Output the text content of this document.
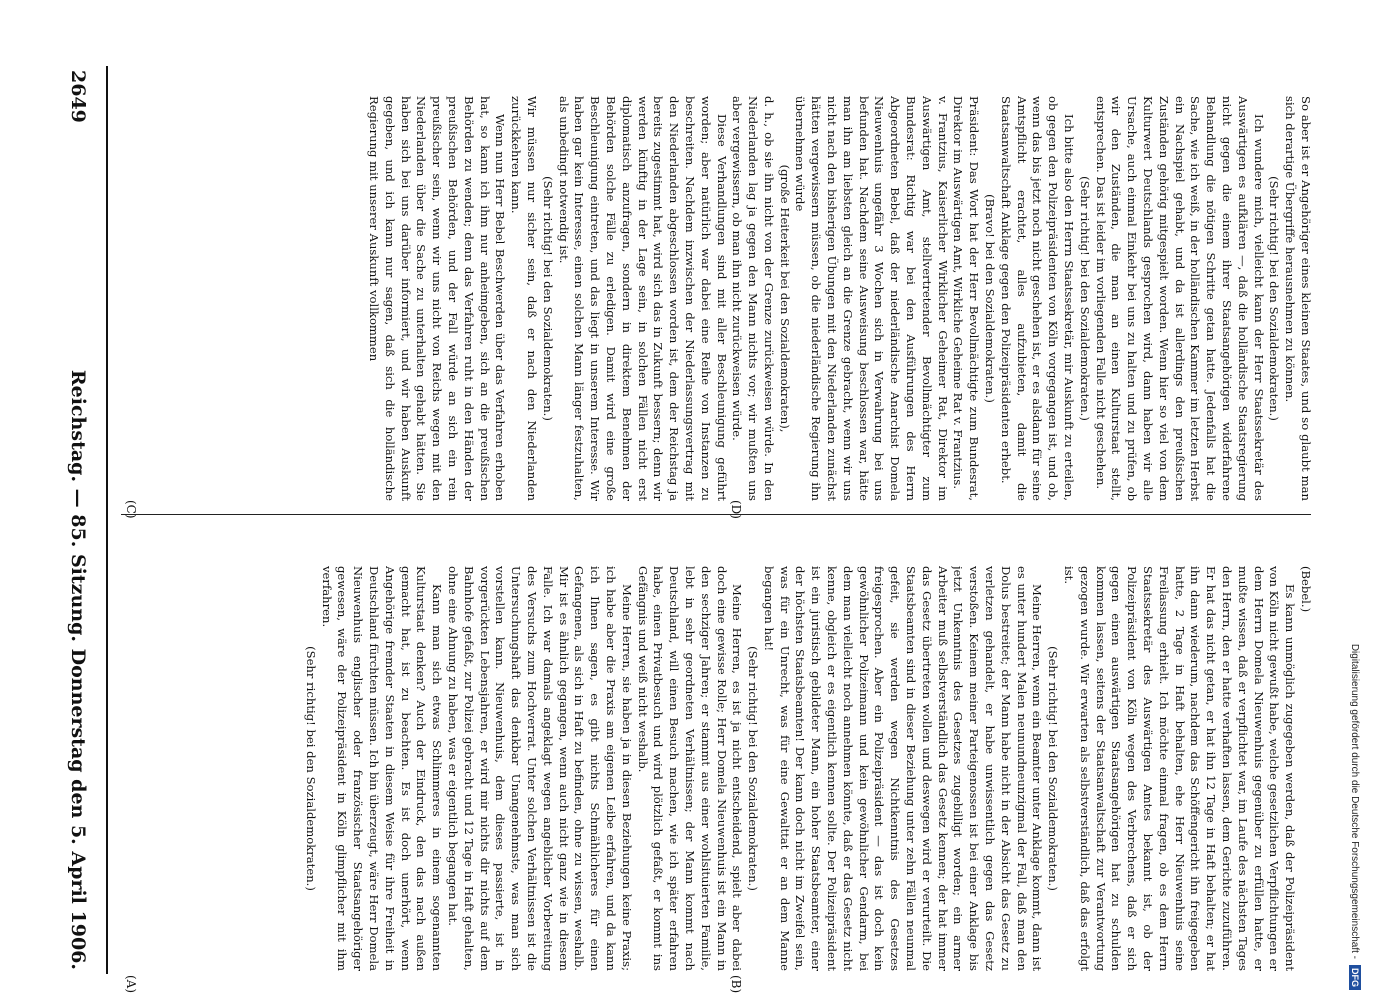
Digitalisierung gefördert durch die Deutsche Forschungsgemeinschaft -
DFG
2649
Reichstag. — 85. Sitzung. Donnerstag den 5. April 1906.

So aber ist er Angehöriger eines kleinen Staates, und so glaubt man sich derartige Übergriffe herausnehmen zu können.

(Sehr richtig! bei den Sozialdemokraten.)

Ich wundere mich, vielleicht kann der Herr Staatssekretär des Auswärtigen es aufklären —, daß die holländische Staatsregierung nicht gegen die einem ihrer Staatsangehörigen widerfahrene Behandlung die nötigen Schritte getan hatte. Jedenfalls hat die Sache, wie ich weiß, in der holländischen Kammer im letzten Herbst ein Nachspiel gehabt, und da ist allerdings den preußischen Zuständen gehörig mitgespielt worden. Wenn hier so viel von dem Kulturwert Deutschlands gesprochen wird, dann haben wir alle Ursache, auch einmal Einkehr bei uns zu halten und zu prüfen, ob wir den Zuständen, die man an einen Kulturstaat stellt, entsprechen. Das ist leider im vorliegenden Falle nicht geschehen.

(Sehr richtig! bei den Sozialdemokraten.)

Ich bitte also den Herrn Staatssekretär, mir Auskunft zu erteilen, ob gegen den Polizeipräsidenten von Köln vorgegangen ist, und ob, wenn das bis jetzt noch nicht geschehen ist, er es alsdann für seine Amtspflicht erachtet, alles aufzubieten, damit die Staatsanwaltschaft Anklage gegen den Polizeipräsidenten erhebt.

(Bravo! bei den Sozialdemokraten.)

Präsident: Das Wort hat der Herr Bevollmächtigte zum Bundesrat, Direktor im Auswärtigen Amt, Wirkliche Geheime Rat v. Frantzius.

v. Frantzius, Kaiserlicher Wirklicher Geheimer Rat, Direktor im Auswärtigen Amt, stellvertretender Bevollmächtigter zum Bundesrat: Richtig war bei den Ausführungen des Herrn Abgeordneten Bebel, daß der niederländische Anarchist Domela Nieuwenhuis ungefähr 3 Wochen sich in Verwahrung bei uns befunden hat. Nachdem seine Ausweisung beschlossen war, hätte man ihn am liebsten gleich an die Grenze gebracht, wenn wir uns nicht nach den bisherigen Übungen mit den Niederlanden zunächst hätten vergewissern müssen, ob die niederländische Regierung ihn übernehmen würde

(große Heiterkeit bei den Sozialdemokraten),

d. h., ob sie ihn nicht von der Grenze zurückweisen würde. In den Niederlanden lag ja gegen den Mann nichts vor; wir mußten uns aber vergewissern, ob man ihn nicht zurückweisen würde.

Diese Verhandlungen sind mit aller Beschleunigung geführt worden; aber natürlich war dabei eine Reihe von Instanzen zu beschreiten. Nachdem inzwischen der Niederlassungsvertrag mit den Niederlanden abgeschlossen worden ist, dem der Reichstag ja bereits zugestimmt hat, wird sich das in Zukunft bessern; denn wir werden künftig in der Lage sein, in solchen Fällen nicht erst diplomatisch anzufragen, sondern in direktem Benehmen der Behörden solche Fälle zu erledigen. Damit wird eine große Beschleunigung eintreten, und das liegt in unserem Interesse. Wir haben gar kein Interesse, einen solchen Mann länger festzuhalten, als unbedingt notwendig ist.

(Sehr richtig! bei den Sozialdemokraten.)

Wir müssen nur sicher sein, daß er nach den Niederlanden zurückkehren kann.

Wenn nun Herr Bebel Beschwerden über das Verfahren erhoben hat, so kann ich ihm nur anheimgeben, sich an die preußischen Behörden zu wenden; denn das Verfahren ruht in den Händen der preußischen Behörden, und der Fall würde an sich ein rein preußischer sein, wenn wir uns nicht von Reichs wegen mit den Niederlanden über die Sache zu unterhalten gehabt hätten. Sie haben sich bei uns darüber informiert, und wir haben Auskunft gegeben, und ich kann nur sagen, daß sich die holländische Regierung mit unserer Auskunft vollkommen

(Bebel.)

Es kann unmöglich zugegeben werden, daß der Polizeipräsident von Köln nicht gewußt habe, welche gesetzlichen Verpflichtungen er dem Herrn Domela Nieuwenhuis gegenüber zu erfüllen hatte, er mußte wissen, daß er verpflichtet war, im Laufe des nächsten Tages den Herrn, den er hatte verhaften lassen, dem Gerichte zuzuführen. Er hat das nicht getan, er hat ihn 12 Tage in Haft behalten; er hat ihn dann wiederum, nachdem das Schöffengericht ihn freigegeben hatte, 2 Tage in Haft behalten, ehe Herr Nieuwenhuis seine Freilassung erhielt. Ich möchte einmal fragen, ob es dem Herrn Staatssekretär des Auswärtigen Amtes bekannt ist, ob der Polizeipräsident von Köln wegen des Verbrechens, daß er sich gegen einen auswärtigen Staatsangehörigen hat zu schulden kommen lassen, seitens der Staatsanwaltschaft zur Verantwortung gezogen wurde. Wir erwarten als selbstverständlich, daß das erfolgt ist.

(Sehr richtig! bei den Sozialdemokraten.)

Meine Herren, wenn ein Beamter unter Anklage kommt, dann ist es unter hundert Malen neunundneunzigmal der Fall, daß man den Dolus bestreitet; der Mann habe nicht in der Absicht das Gesetz zu verletzen gehandelt, er habe unwissentlich gegen das Gesetz verstoßen. Keinem meiner Parteigenossen ist bei einer Anklage bis jetzt Unkenntnis des Gesetzes zugebilligt worden; ein armer Arbeiter muß selbstverständlich das Gesetz kennen; der hat immer das Gesetz übertreten wollen und deswegen wird er verurteilt. Die Staatsbeamten sind in dieser Beziehung unter zehn Fällen neunmal gefeit, sie werden wegen Nichtkenntnis des Gesetzes freigesprochen. Aber ein Polizeipräsident — das ist doch kein gewöhnlicher Polizeimann und kein gewöhnlicher Gendarm, bei dem man vielleicht noch annehmen könnte, daß er das Gesetz nicht kenne, obgleich er es eigentlich kennen sollte. Der Polizeipräsident ist ein juristisch gebildeter Mann, ein hoher Staatsbeamter, einer der höchsten Staatsbeamten! Der kann doch nicht im Zweifel sein, was für ein Unrecht, was für eine Gewalttat er an dem Manne begangen hat!

(Sehr richtig! bei den Sozialdemokraten.)

Meine Herren, es ist ja nicht entscheidend, spielt aber dabei doch eine gewisse Rolle; Herr Domela Nieuwenhuis ist ein Mann in den sechziger Jahren; er stammt aus einer wohlsituierten Familie, lebt in sehr geordneten Verhältnissen; der Mann kommt nach Deutschland, will einen Besuch machen, wie ich später erfahren habe, einen Privatbesuch und wird plötzlich gefaßt, er kommt ins Gefängnis und weiß nicht weshalb.

Meine Herren, sie haben ja in diesen Beziehungen keine Praxis; ich habe aber die Praxis am eigenen Leibe erfahren, und da kann ich Ihnen sagen, es gibt nichts Schmählicheres für einen Gefangenen, als sich in Haft zu befinden, ohne zu wissen, weshalb. Mir ist es ähnlich gegangen, wenn auch nicht ganz wie in diesem Falle. Ich war damals angeklagt wegen angeblicher Vorbereitung des Versuchs zum Hochverrat. Unter solchen Verhältnissen ist die Untersuchungshaft das denkbar Unangenehmste, was man sich vorstellen kann. Nieuwenhuis, dem dieses passierte, ist in vorgerückten Lebensjahren, er wird mir nichts dir nichts auf dem Bahnhofe gefaßt, zur Polizei gebracht und 12 Tage in Haft gehalten, ohne eine Ahnung zu haben, was er eigentlich begangen hat.

Kann man sich etwas Schlimmeres in einem sogenannten Kulturstaat denken? Auch der Eindruck, den das nach außen gemacht hat, ist zu beachten. Es ist doch unerhört, wenn Angehörige fremder Staaten in diesem Weise für ihre Freiheit in Deutschland fürchten müssen. Ich bin überzeugt, wäre Herr Domela Nieuwenhuis englischer oder französischer Staatsangehöriger gewesen, wäre der Polizeipräsident in Köln glimpflicher mit ihm verfahren.

(Sehr richtig! bei den Sozialdemokraten.)

(A)	(B)
(C)	(D)
